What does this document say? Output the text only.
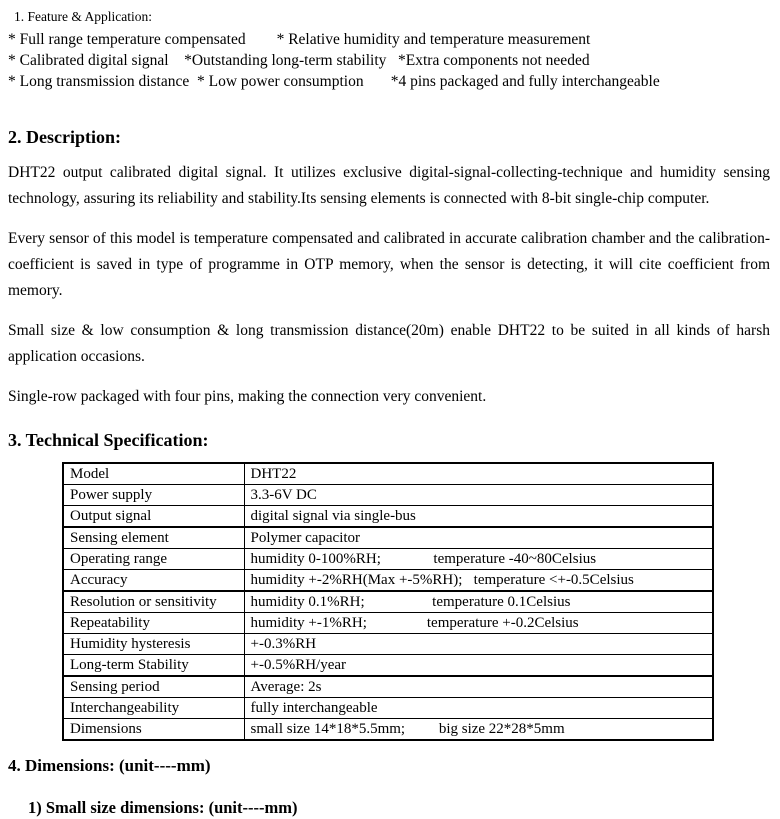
1. Feature & Application:
* Full range temperature compensated        * Relative humidity and temperature measurement
* Calibrated digital signal    *Outstanding long-term stability   *Extra components not needed
* Long transmission distance  * Low power consumption       *4 pins packaged and fully interchangeable
2. Description:
DHT22 output calibrated digital signal. It utilizes exclusive digital-signal-collecting-technique and humidity sensing technology, assuring its reliability and stability.Its sensing elements is connected with 8-bit single-chip computer.
Every sensor of this model is temperature compensated and calibrated in accurate calibration chamber and the calibration-coefficient is saved in type of programme in OTP memory, when the sensor is detecting, it will cite coefficient from memory.
Small size & low consumption & long transmission distance(20m) enable DHT22 to be suited in all kinds of harsh application occasions.
Single-row packaged with four pins, making the connection very convenient.
3. Technical Specification:
Model	DHT22
Power supply	3.3-6V DC
Output signal	digital signal via single-bus
Sensing element	Polymer capacitor
Operating range	humidity 0-100%RH;              temperature -40~80Celsius
Accuracy	humidity +-2%RH(Max +-5%RH);   temperature <+-0.5Celsius
Resolution or sensitivity	humidity 0.1%RH;                  temperature 0.1Celsius
Repeatability	humidity +-1%RH;                temperature +-0.2Celsius
Humidity hysteresis	+-0.3%RH
Long-term Stability	+-0.5%RH/year
Sensing period	Average: 2s
Interchangeability	fully interchangeable
Dimensions	small size 14*18*5.5mm;         big size 22*28*5mm
4. Dimensions: (unit----mm)
1) Small size dimensions: (unit----mm)
